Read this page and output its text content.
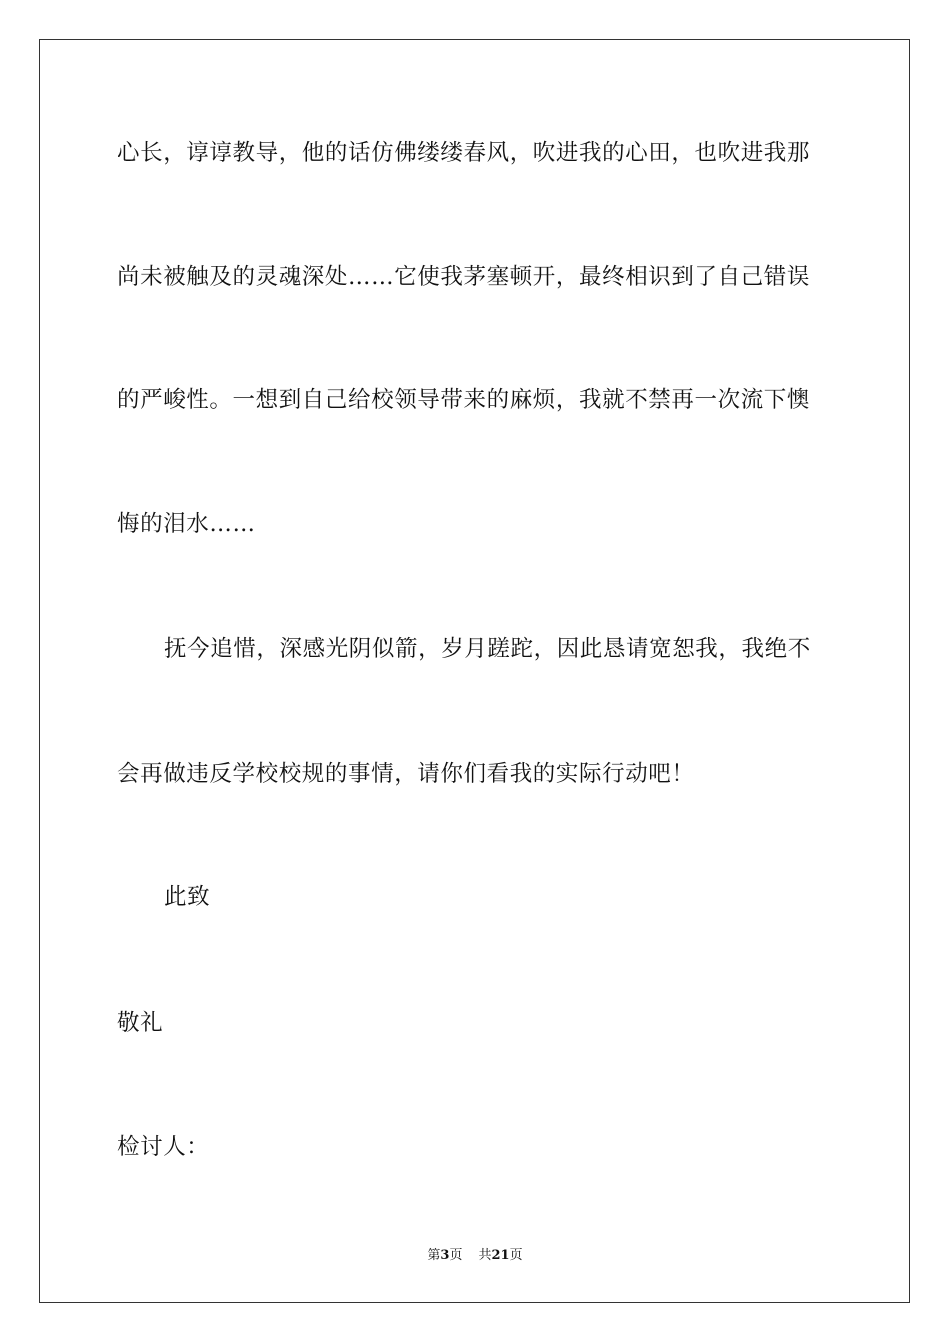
心长，谆谆教导，他的话仿佛缕缕春风，吹进我的心田，也吹进我那
尚未被触及的灵魂深处……它使我茅塞顿开，最终相识到了自己错误
的严峻性。一想到自己给校领导带来的麻烦，我就不禁再一次流下懊
悔的泪水……
抚今追惜，深感光阴似箭，岁月蹉跎，因此恳请宽恕我，我绝不
会再做违反学校校规的事情，请你们看我的实际行动吧！
此致
敬礼
检讨人：
第3页 共21页
